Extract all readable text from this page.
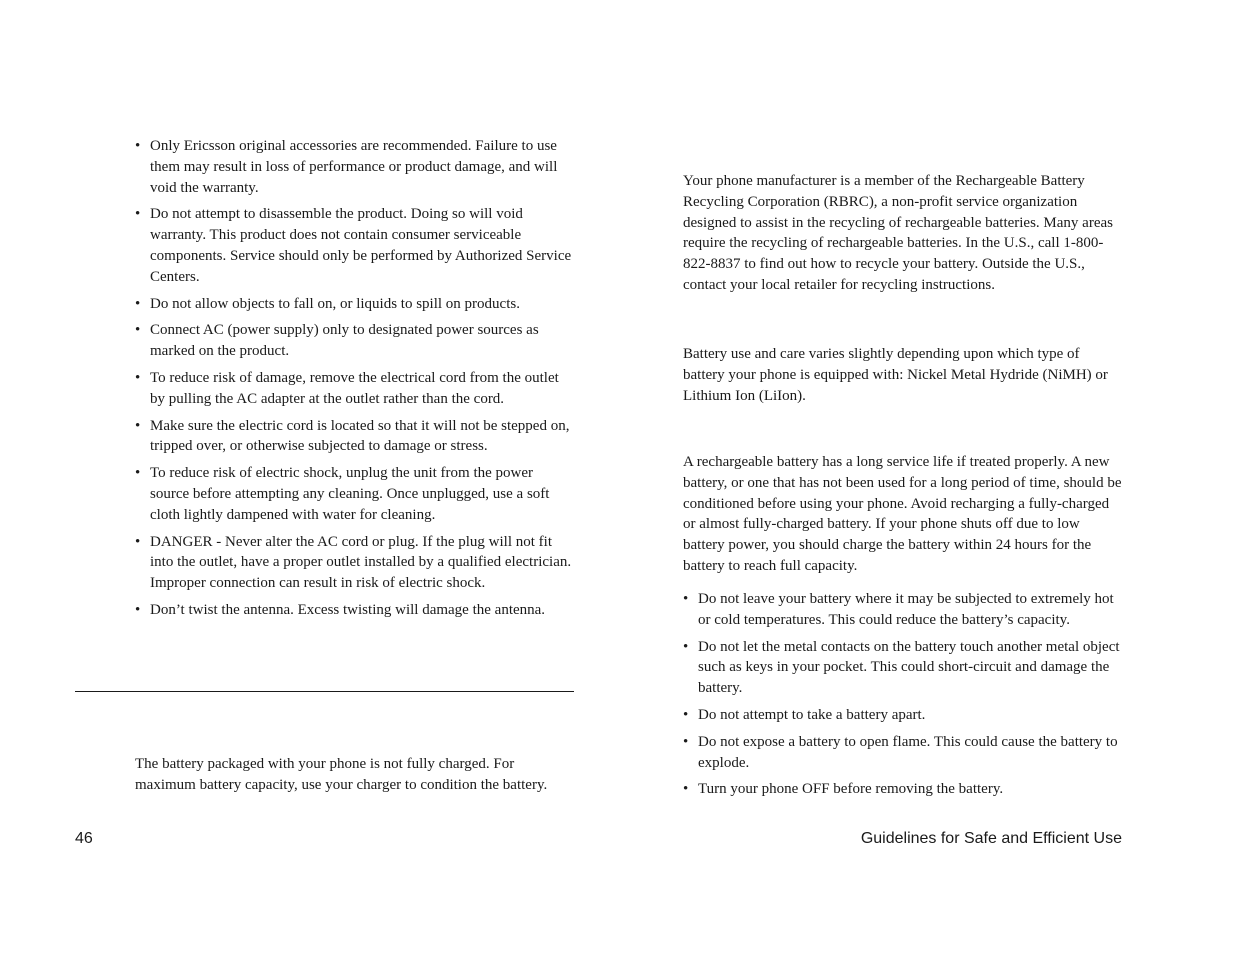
• Only Ericsson original accessories are recommended. Failure to use them may result in loss of performance or product damage, and will void the warranty.
• Do not attempt to disassemble the product. Doing so will void warranty. This product does not contain consumer serviceable components. Service should only be performed by Authorized Service Centers.
• Do not allow objects to fall on, or liquids to spill on products.
• Connect AC (power supply) only to designated power sources as marked on the product.
• To reduce risk of damage, remove the electrical cord from the outlet by pulling the AC adapter at the outlet rather than the cord.
• Make sure the electric cord is located so that it will not be stepped on, tripped over, or otherwise subjected to damage or stress.
• To reduce risk of electric shock, unplug the unit from the power source before attempting any cleaning. Once unplugged, use a soft cloth lightly dampened with water for cleaning.
• DANGER - Never alter the AC cord or plug. If the plug will not fit into the outlet, have a proper outlet installed by a qualified electrician. Improper connection can result in risk of electric shock.
• Don’t twist the antenna. Excess twisting will damage the antenna.

The battery packaged with your phone is not fully charged. For maximum battery capacity, use your charger to condition the battery.

Your phone manufacturer is a member of the Rechargeable Battery Recycling Corporation (RBRC), a non-profit service organization designed to assist in the recycling of rechargeable batteries. Many areas require the recycling of rechargeable batteries. In the U.S., call 1-800-822-8837 to find out how to recycle your battery. Outside the U.S., contact your local retailer for recycling instructions.

Battery use and care varies slightly depending upon which type of battery your phone is equipped with: Nickel Metal Hydride (NiMH) or Lithium Ion (LiIon).

A rechargeable battery has a long service life if treated properly. A new battery, or one that has not been used for a long period of time, should be conditioned before using your phone. Avoid recharging a fully-charged or almost fully-charged battery. If your phone shuts off due to low battery power, you should charge the battery within 24 hours for the battery to reach full capacity.

• Do not leave your battery where it may be subjected to extremely hot or cold temperatures. This could reduce the battery’s capacity.
• Do not let the metal contacts on the battery touch another metal object such as keys in your pocket. This could short-circuit and damage the battery.
• Do not attempt to take a battery apart.
• Do not expose a battery to open flame. This could cause the battery to explode.
• Turn your phone OFF before removing the battery.
46	Guidelines for Safe and Efficient Use
